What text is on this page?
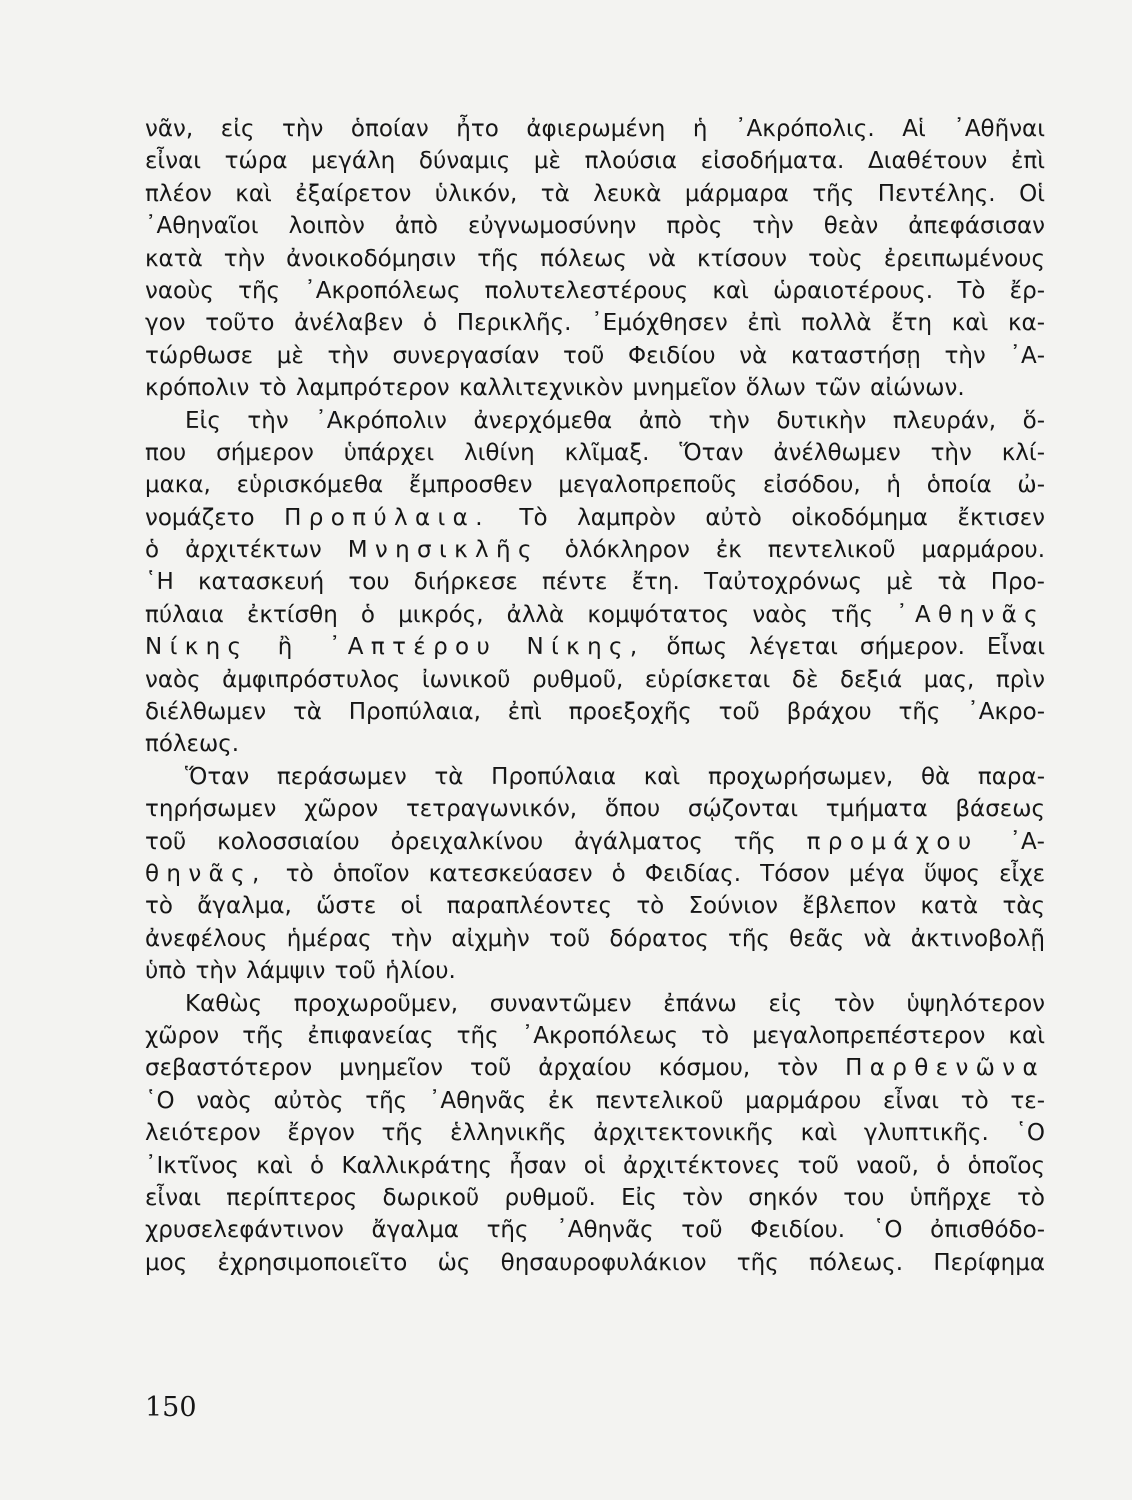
νᾶν, εἰς τὴν ὁποίαν ἦτο ἀφιερωμένη ἡ ᾿Ακρόπολις. Αἱ ᾿Αθῆναι
εἶναι τώρα μεγάλη δύναμις μὲ πλούσια εἰσοδήματα. Διαθέτουν ἐπὶ
πλέον καὶ ἐξαίρετον ὑλικόν, τὰ λευκὰ μάρμαρα τῆς Πεντέλης. Οἱ
᾿Αθηναῖοι λοιπὸν ἀπὸ εὐγνωμοσύνην πρὸς τὴν θεὰν ἀπεφάσισαν
κατὰ τὴν ἀνοικοδόμησιν τῆς πόλεως νὰ κτίσουν τοὺς ἐρειπωμένους
ναοὺς τῆς ᾿Ακροπόλεως πολυτελεστέρους καὶ ὡραιοτέρους. Τὸ ἔρ-
γον τοῦτο ἀνέλαβεν ὁ Περικλῆς. ᾿Εμόχθησεν ἐπὶ πολλὰ ἔτη καὶ κα-
τώρθωσε μὲ τὴν συνεργασίαν τοῦ Φειδίου νὰ καταστήσῃ τὴν ᾿Α-
κρόπολιν τὸ λαμπρότερον καλλιτεχνικὸν μνημεῖον ὅλων τῶν αἰώνων.
Εἰς τὴν ᾿Ακρόπολιν ἀνερχόμεθα ἀπὸ τὴν δυτικὴν πλευράν, ὅ-
που σήμερον ὑπάρχει λιθίνη κλῖμαξ. Ὅταν ἀνέλθωμεν τὴν κλί-
μακα, εὑρισκόμεθα ἔμπροσθεν μεγαλοπρεποῦς εἰσόδου, ἡ ὁποία ὠ-
νομάζετο Προπύλαια. Τὸ λαμπρὸν αὐτὸ οἰκοδόμημα ἔκτισεν
ὁ ἀρχιτέκτων Μνησικλῆς ὁλόκληρον ἐκ πεντελικοῦ μαρμάρου.
῾Η κατασκευή του διήρκεσε πέντε ἔτη. Ταὐτοχρόνως μὲ τὰ Προ-
πύλαια ἐκτίσθη ὁ μικρός, ἀλλὰ κομψότατος ναὸς τῆς ᾿Αθηνᾶς
Νίκης ἢ ᾿Απτέρου Νίκης, ὅπως λέγεται σήμερον. Εἶναι
ναὸς ἀμφιπρόστυλος ἰωνικοῦ ρυθμοῦ, εὑρίσκεται δὲ δεξιά μας, πρὶν
διέλθωμεν τὰ Προπύλαια, ἐπὶ προεξοχῆς τοῦ βράχου τῆς ᾿Ακρο-
πόλεως.
Ὅταν περάσωμεν τὰ Προπύλαια καὶ προχωρήσωμεν, θὰ παρα-
τηρήσωμεν χῶρον τετραγωνικόν, ὅπου σῴζονται τμήματα βάσεως
τοῦ κολοσσιαίου ὀρειχαλκίνου ἀγάλματος τῆς προμάχου ᾿Α-
θηνᾶς, τὸ ὁποῖον κατεσκεύασεν ὁ Φειδίας. Τόσον μέγα ὕψος εἶχε
τὸ ἄγαλμα, ὥστε οἱ παραπλέοντες τὸ Σούνιον ἔβλεπον κατὰ τὰς
ἀνεφέλους ἡμέρας τὴν αἰχμὴν τοῦ δόρατος τῆς θεᾶς νὰ ἀκτινοβολῇ
ὑπὸ τὴν λάμψιν τοῦ ἡλίου.
Καθὼς προχωροῦμεν, συναντῶμεν ἐπάνω εἰς τὸν ὑψηλότερον
χῶρον τῆς ἐπιφανείας τῆς ᾿Ακροπόλεως τὸ μεγαλοπρεπέστερον καὶ
σεβαστότερον μνημεῖον τοῦ ἀρχαίου κόσμου, τὸν Παρθενῶνα
῾Ο ναὸς αὐτὸς τῆς ᾿Αθηνᾶς ἐκ πεντελικοῦ μαρμάρου εἶναι τὸ τε-
λειότερον ἔργον τῆς ἑλληνικῆς ἀρχιτεκτονικῆς καὶ γλυπτικῆς. ῾Ο
᾿Ικτῖνος καὶ ὁ Καλλικράτης ἦσαν οἱ ἀρχιτέκτονες τοῦ ναοῦ, ὁ ὁποῖος
εἶναι περίπτερος δωρικοῦ ρυθμοῦ. Εἰς τὸν σηκόν του ὑπῆρχε τὸ
χρυσελεφάντινον ἄγαλμα τῆς ᾿Αθηνᾶς τοῦ Φειδίου. ῾Ο ὀπισθόδο-
μος ἐχρησιμοποιεῖτο ὡς θησαυροφυλάκιον τῆς πόλεως. Περίφημα
150
